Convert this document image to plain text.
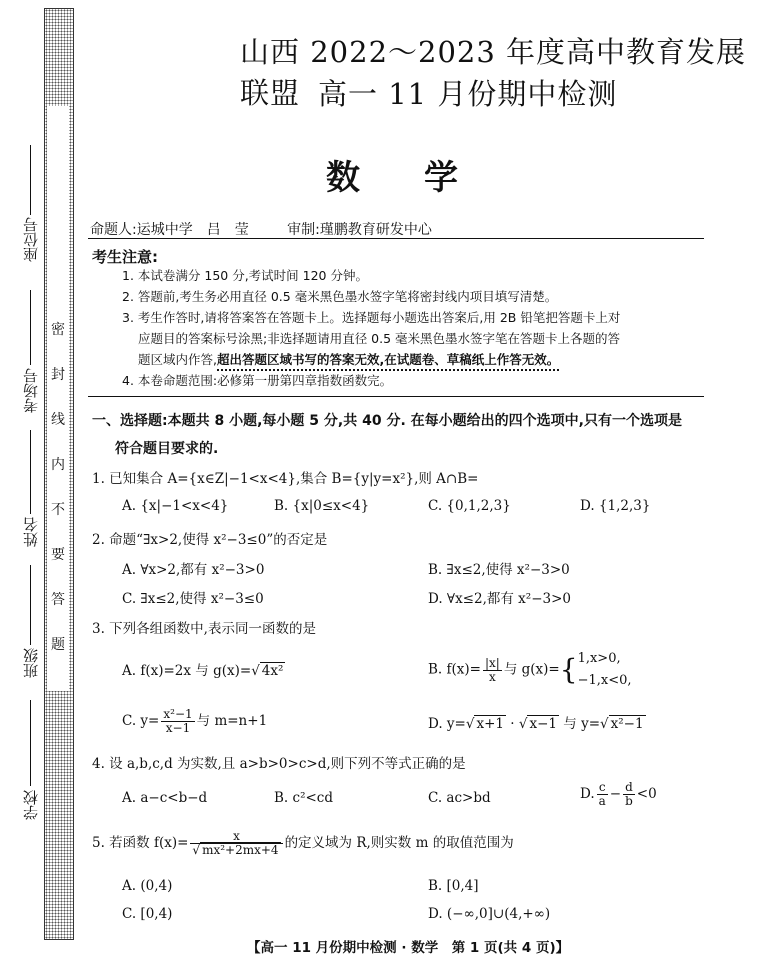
密
封
线
内
不
要
答
题
座位号
考场号
姓名
班级
学校
山西 2022～2023 年度高中教育发展联盟 高一 11 月份期中检测
数学
命题人:运城中学　吕　莹	审制:瑾鹏教育研发中心
考生注意:
1. 本试卷满分 150 分,考试时间 120 分钟。
2. 答题前,考生务必用直径 0.5 毫米黑色墨水签字笔将密封线内项目填写清楚。
3. 考生作答时,请将答案答在答题卡上。选择题每小题选出答案后,用 2B 铅笔把答题卡上对
应题目的答案标号涂黑;非选择题请用直径 0.5 毫米黑色墨水签字笔在答题卡上各题的答
题区域内作答,超出答题区域书写的答案无效,在试题卷、草稿纸上作答无效。
4. 本卷命题范围:必修第一册第四章指数函数完。
一、选择题:本题共 8 小题,每小题 5 分,共 40 分. 在每小题给出的四个选项中,只有一个选项是
符合题目要求的.
1. 已知集合 A={x∈Z|−1<x<4},集合 B={y|y=x²},则 A∩B=
A. {x|−1<x<4}	B. {x|0≤x<4}	C. {0,1,2,3}	D. {1,2,3}
2. 命题“∃x>2,使得 x²−3≤0”的否定是
A. ∀x>2,都有 x²−3>0	B. ∃x≤2,使得 x²−3>0
C. ∃x≤2,使得 x²−3≤0	D. ∀x≤2,都有 x²−3>0
3. 下列各组函数中,表示同一函数的是
A. f(x)=2x 与 g(x)=√ 4x²	B. $f(x)= \frac{|x|}{x}$ 与 g(x)={ 1,x>0,
−1,x<0,
C. $y= \frac{\text{x²−1}}{x-1}$ 与 m=n+1	D. y=√ x+1 · √ x−1 与 y=√ x²−1
4. 设 a,b,c,d 为实数,且 a>b>0>c>d,则下列不等式正确的是
A. a−c<b−d	B. c²<cd	C. ac>bd	D. $\frac{c}{a} - \frac{d}{b} <0$
5. 若函数 $f(x)= \frac{x}{\text{√ mx²+2mx+4}}$ 的定义域为 R,则实数 m 的取值范围为
A. (0,4)	B. [0,4]
C. [0,4)	D. (−∞,0]∪(4,+∞)
【高一 11 月份期中检测 · 数学　第 1 页(共 4 页)】
